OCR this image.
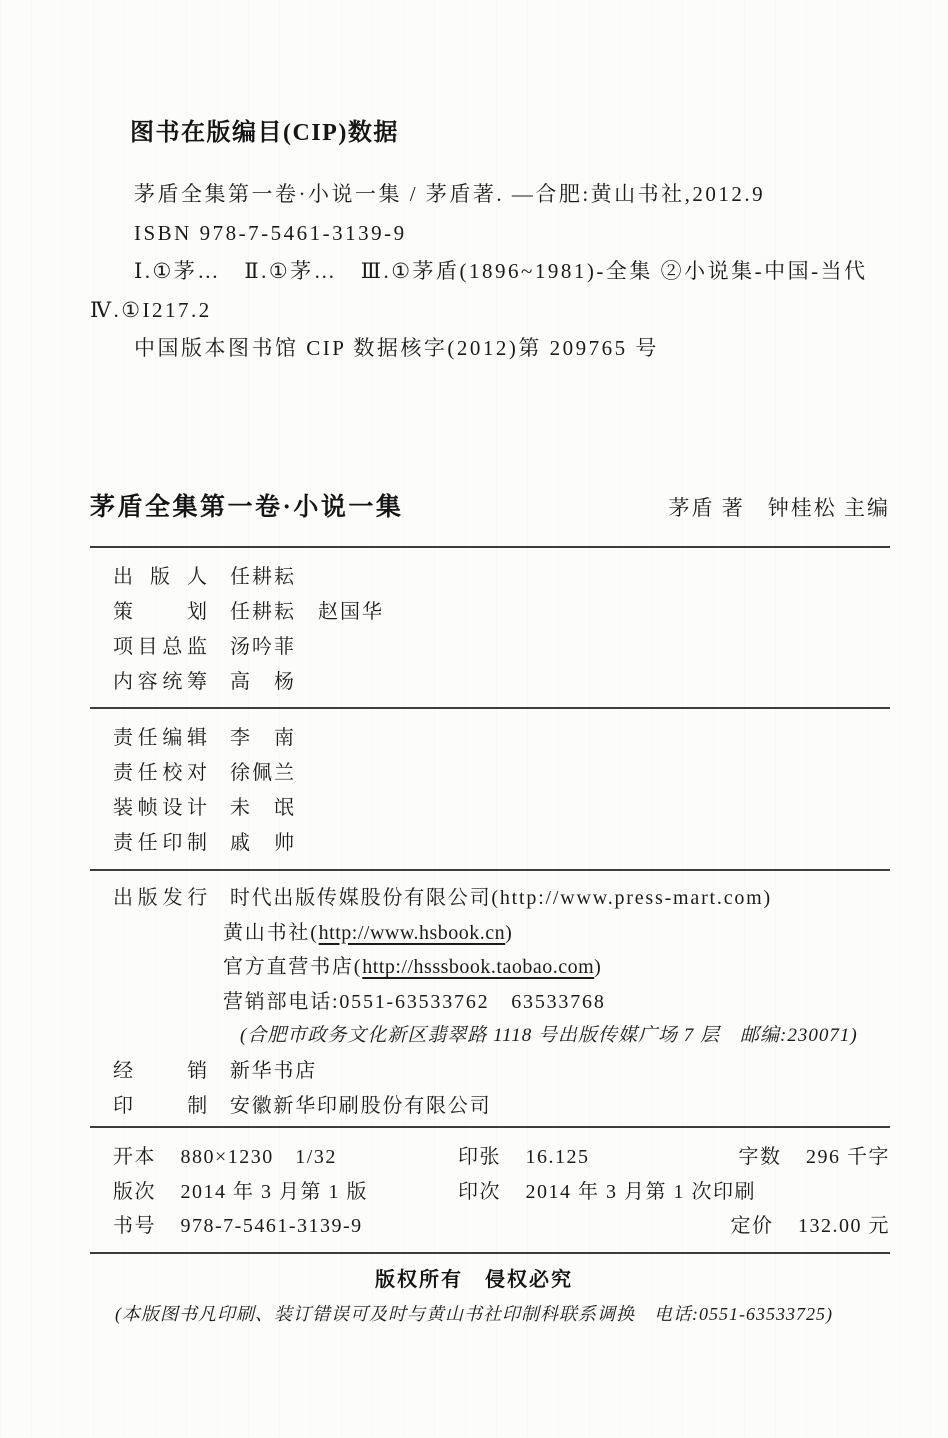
图书在版编目(CIP)数据

茅盾全集第一卷·小说一集 / 茅盾著. —合肥:黄山书社,2012.9

ISBN 978-7-5461-3139-9

Ⅰ.①茅…　Ⅱ.①茅…　Ⅲ.①茅盾(1896~1981)-全集 ②小说集-中国-当代

Ⅳ.①I217.2

中国版本图书馆 CIP 数据核字(2012)第 209765 号

茅盾全集第一卷·小说一集	茅盾 著　钟桂松 主编
出 版 人 任耕耘
策 划 任耕耘　赵国华
项目总监 汤吟菲
内容统筹 高　杨
责任编辑 李　南
责任校对 徐佩兰
装帧设计 未　氓
责任印制 戚　帅
出版发行 时代出版传媒股份有限公司(http://www.press-mart.com)
黄山书社(http://www.hsbook.cn)
官方直营书店(http://hsssbook.taobao.com)
营销部电话:0551-63533762　63533768
(合肥市政务文化新区翡翠路 1118 号出版传媒广场 7 层　邮编:230071)
经 销 新华书店
印 制 安徽新华印刷股份有限公司
开本 880×1230　1/32	印张 16.125	字数 296 千字
版次 2014 年 3 月第 1 版	印次 2014 年 3 月第 1 次印刷
书号 978-7-5461-3139-9	定价 132.00 元
版权所有　侵权必究
(本版图书凡印刷、装订错误可及时与黄山书社印制科联系调换　电话:0551-63533725)
